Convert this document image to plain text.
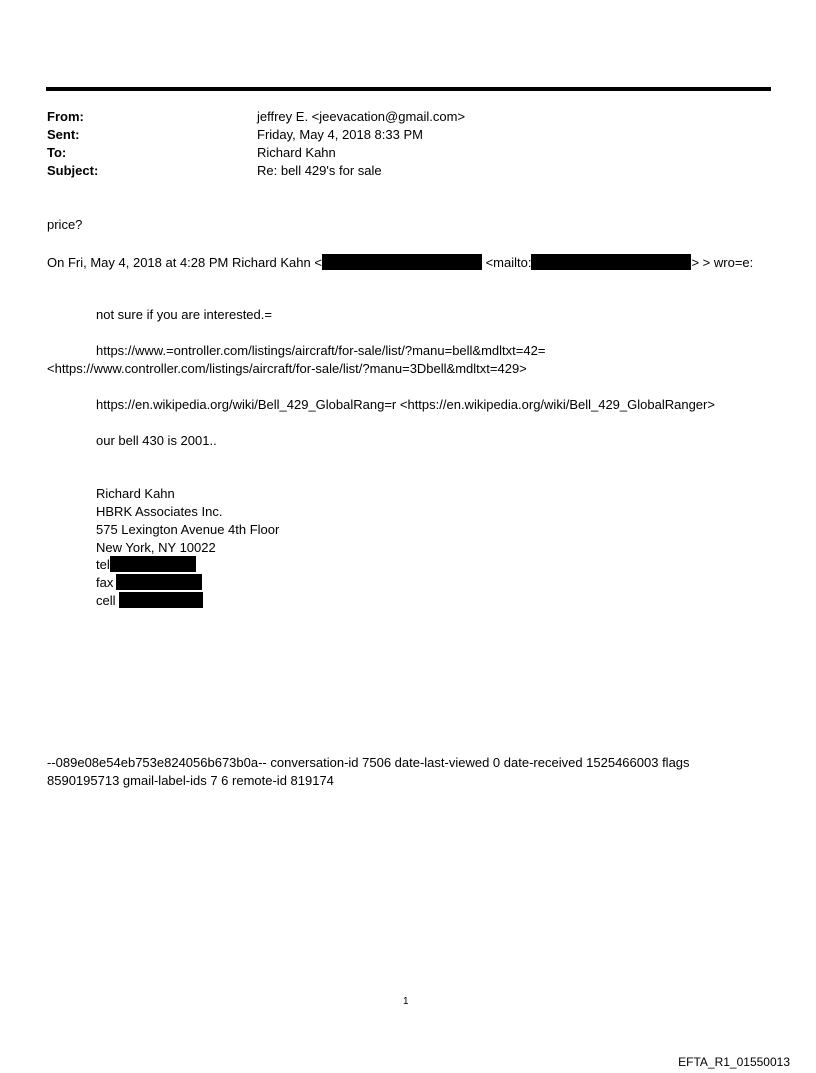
From:	jeffrey E. <jeevacation@gmail.com>
Sent:	Friday, May 4, 2018 8:33 PM
To:	Richard Kahn
Subject:	Re: bell 429's for sale
price?
On Fri, May 4, 2018 at 4:28 PM Richard Kahn <	<mailto:	> > wro=e:
not sure if you are interested.=
https://www.=ontroller.com/listings/aircraft/for-sale/list/?manu=bell&mdltxt=42=
<https://www.controller.com/listings/aircraft/for-sale/list/?manu=3Dbell&mdltxt=429>
https://en.wikipedia.org/wiki/Bell_429_GlobalRang=r <https://en.wikipedia.org/wiki/Bell_429_GlobalRanger>
our bell 430 is 2001..
Richard Kahn
HBRK Associates Inc.
575 Lexington Avenue 4th Floor
New York, NY 10022
tel
fax
cell
--089e08e54eb753e824056b673b0a-- conversation-id 7506 date-last-viewed 0 date-received 1525466003 flags
8590195713 gmail-label-ids 7 6 remote-id 819174
1
EFTA_R1_01550013
